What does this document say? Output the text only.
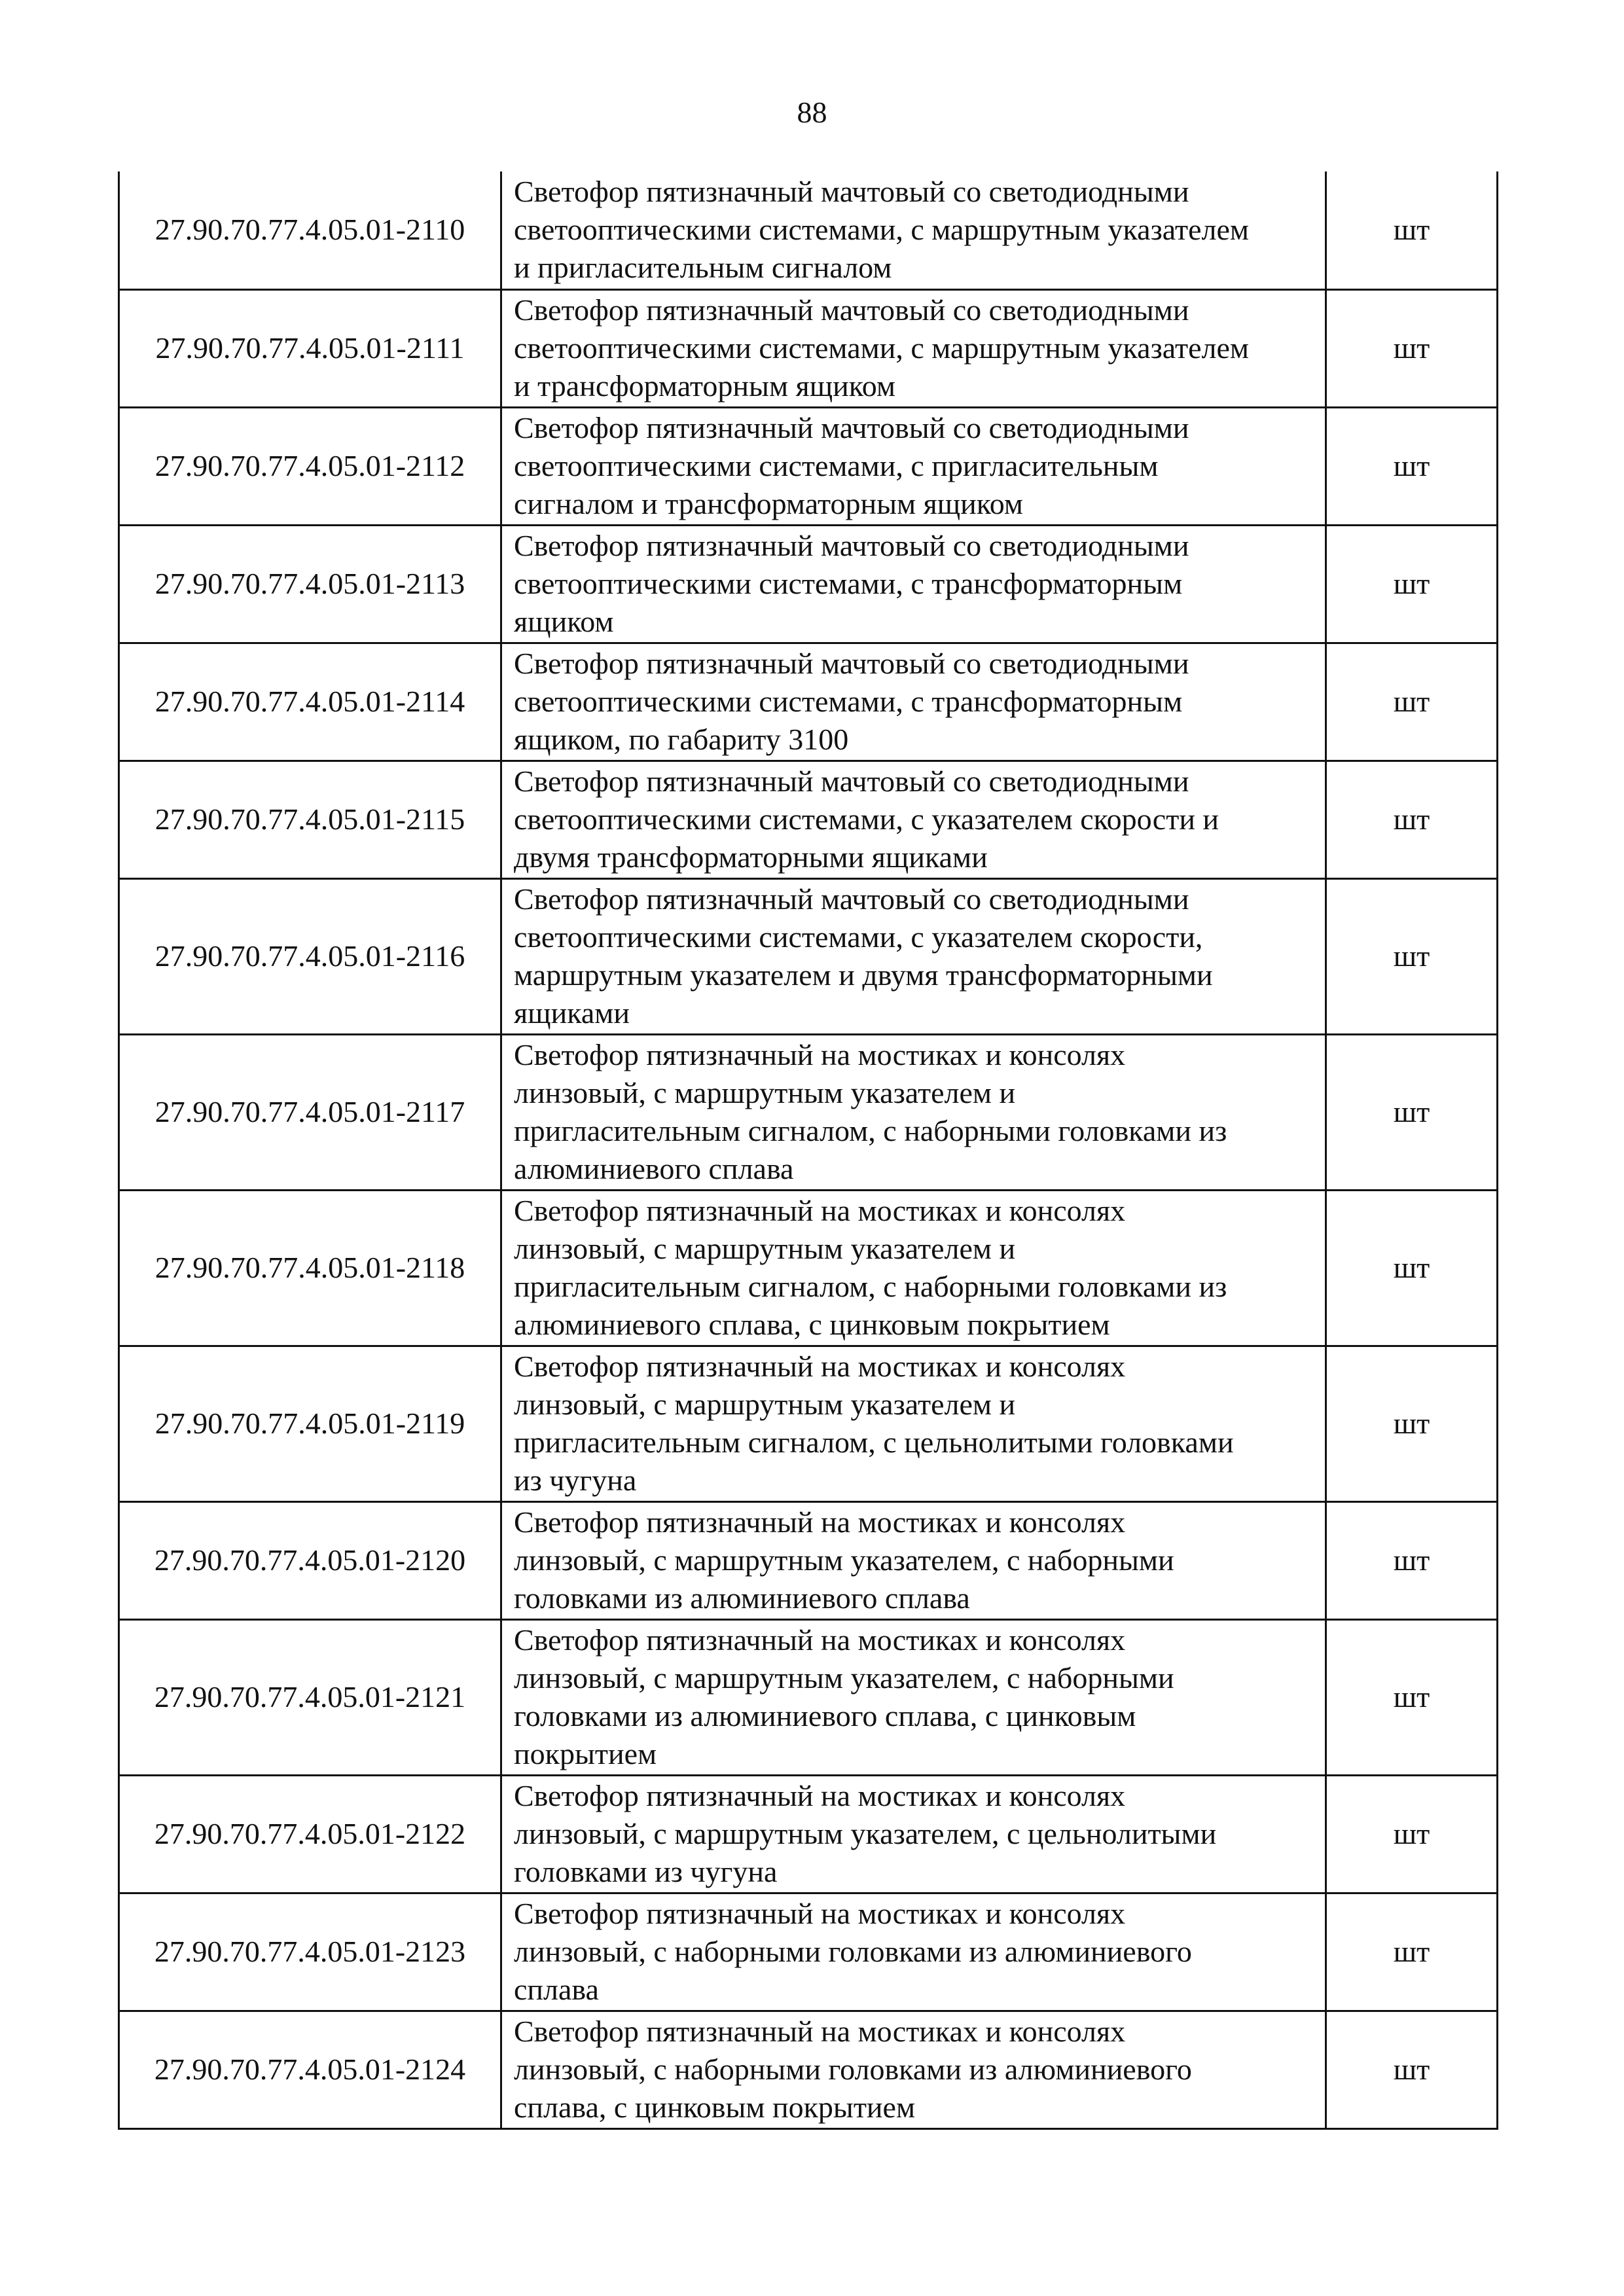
88
27.90.70.77.4.05.01-2110	Светофор пятизначный мачтовый со светодиодными
светооптическими системами, с маршрутным указателем
и пригласительным сигналом	шт
27.90.70.77.4.05.01-2111	Светофор пятизначный мачтовый со светодиодными
светооптическими системами, с маршрутным указателем
и трансформаторным ящиком	шт
27.90.70.77.4.05.01-2112	Светофор пятизначный мачтовый со светодиодными
светооптическими системами, с пригласительным
сигналом и трансформаторным ящиком	шт
27.90.70.77.4.05.01-2113	Светофор пятизначный мачтовый со светодиодными
светооптическими системами, с трансформаторным
ящиком	шт
27.90.70.77.4.05.01-2114	Светофор пятизначный мачтовый со светодиодными
светооптическими системами, с трансформаторным
ящиком, по габариту 3100	шт
27.90.70.77.4.05.01-2115	Светофор пятизначный мачтовый со светодиодными
светооптическими системами, с указателем скорости и
двумя трансформаторными ящиками	шт
27.90.70.77.4.05.01-2116	Светофор пятизначный мачтовый со светодиодными
светооптическими системами, с указателем скорости,
маршрутным указателем и двумя трансформаторными
ящиками	шт
27.90.70.77.4.05.01-2117	Светофор пятизначный на мостиках и консолях
линзовый, с маршрутным указателем и
пригласительным сигналом, с наборными головками из
алюминиевого сплава	шт
27.90.70.77.4.05.01-2118	Светофор пятизначный на мостиках и консолях
линзовый, с маршрутным указателем и
пригласительным сигналом, с наборными головками из
алюминиевого сплава, с цинковым покрытием	шт
27.90.70.77.4.05.01-2119	Светофор пятизначный на мостиках и консолях
линзовый, с маршрутным указателем и
пригласительным сигналом, с цельнолитыми головками
из чугуна	шт
27.90.70.77.4.05.01-2120	Светофор пятизначный на мостиках и консолях
линзовый, с маршрутным указателем, с наборными
головками из алюминиевого сплава	шт
27.90.70.77.4.05.01-2121	Светофор пятизначный на мостиках и консолях
линзовый, с маршрутным указателем, с наборными
головками из алюминиевого сплава, с цинковым
покрытием	шт
27.90.70.77.4.05.01-2122	Светофор пятизначный на мостиках и консолях
линзовый, с маршрутным указателем, с цельнолитыми
головками из чугуна	шт
27.90.70.77.4.05.01-2123	Светофор пятизначный на мостиках и консолях
линзовый, с наборными головками из алюминиевого
сплава	шт
27.90.70.77.4.05.01-2124	Светофор пятизначный на мостиках и консолях
линзовый, с наборными головками из алюминиевого
сплава, с цинковым покрытием	шт
